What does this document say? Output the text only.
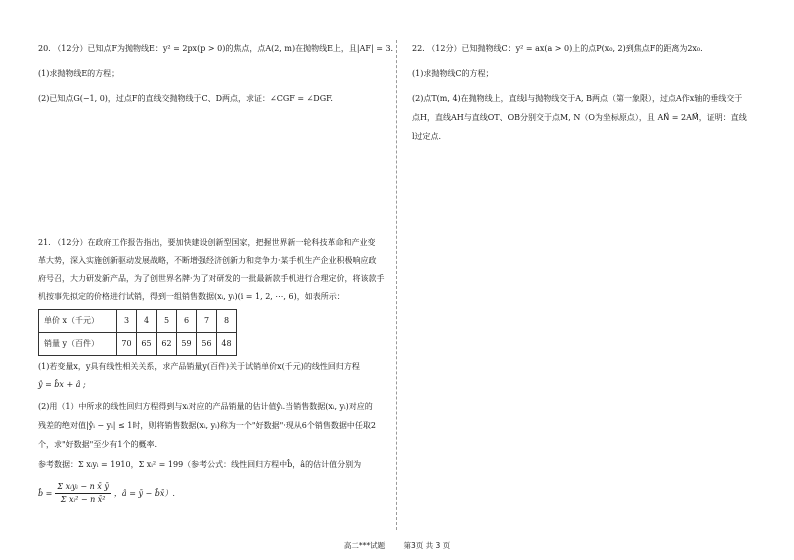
20. （12分）已知点F为抛物线E：y² = 2px(p > 0)的焦点，点A(2, m)在抛物线E上，且|AF| = 3.

(1)求抛物线E的方程；

(2)已知点G(−1, 0)，过点F的直线交抛物线于C、D两点，求证：∠CGF = ∠DGF.

21. （12分）在政府工作报告指出，要加快建设创新型国家，把握世界新一轮科技革命和产业变

革大势，深入实施创新驱动发展战略，不断增强经济创新力和竞争力·某手机生产企业积极响应政

府号召，大力研发新产品，为了创世界名牌·为了对研发的一批最新款手机进行合理定价，将该款手

机按事先拟定的价格进行试销，得到一组销售数据(xᵢ, yᵢ)(i = 1, 2, ⋯, 6)，如表所示：

单价 x（千元）	3	4	5	6	7	8
销量 y（百件）	70	65	62	59	56	48

(1)若变量x，y具有线性相关关系，求产品销量y(百件)关于试销单价x(千元)的线性回归方程

ŷ = b̂x + â ;

(2)用（1）中所求的线性回归方程得到与xᵢ对应的产品销量的估计值ŷᵢ.当销售数据(xᵢ, yᵢ)对应的

残差的绝对值|ŷᵢ − yᵢ| ≤ 1时，则将销售数据(xᵢ, yᵢ)称为一个"好数据"·现从6个销售数据中任取2

个，求"好数据"至少有1个的概率.

参考数据：Σ xᵢyᵢ = 1910，Σ xᵢ² = 199（参考公式：线性回归方程中b̂，â的估计值分别为

b̂ = $\frac{\text{Σ xᵢyᵢ − n x̄ ȳ}}{\text{Σ xᵢ² − n x̄²}}$ ，â = ȳ − b̂x̄）.

22. （12分）已知抛物线C：y² = ax(a > 0)上的点P(x₀, 2)到焦点F的距离为2x₀.

(1)求抛物线C的方程；

(2)点T(m, 4)在抛物线上，直线l与抛物线交于A, B两点（第一象限），过点A作x轴的垂线交于

点H，直线AH与直线OT、OB分别交于点M, N（O为坐标原点），且 AN⃗ = 2AM⃗，证明：直线

l过定点.

高二***试题 第3页 共 3 页
